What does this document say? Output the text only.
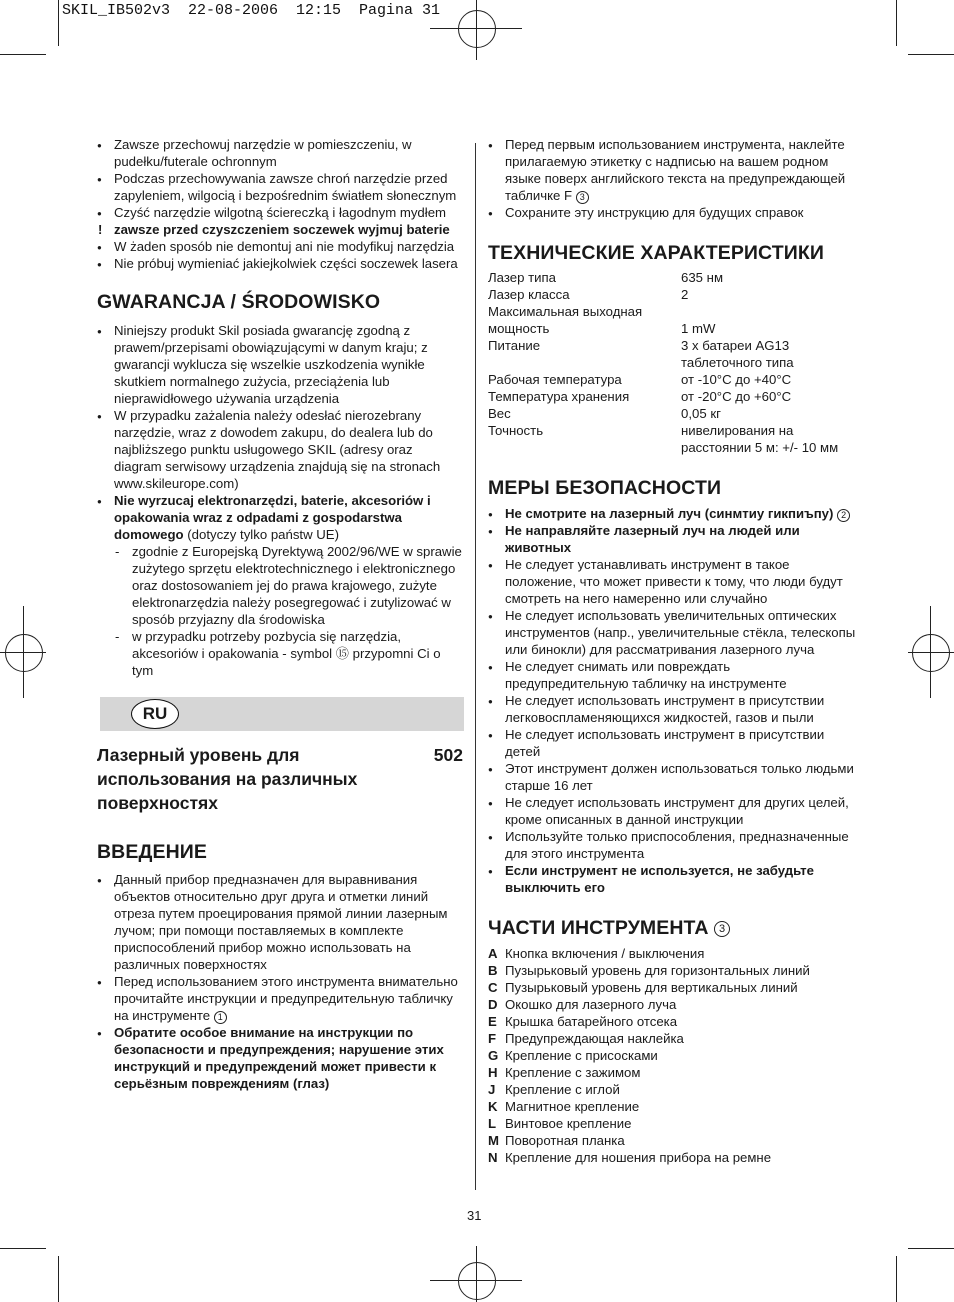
SKIL_IB502v3  22-08-2006  12:15  Pagina 31
● Zawsze przechowuj narzędzie w pomieszczeniu, w pudełku/futerale ochronnym
● Podczas przechowywania zawsze chroń narzędzie przed zapyleniem, wilgocią i bezpośrednim światłem słonecznym
● Czyść narzędzie wilgotną ściereczką i łagodnym mydłem
! zawsze przed czyszczeniem soczewek wyjmuj baterie
● W żaden sposób nie demontuj ani nie modyfikuj narzędzia
● Nie próbuj wymieniać jakiejkolwiek części soczewek lasera
GWARANCJA / ŚRODOWISKO
● Niniejszy produkt Skil posiada gwarancję zgodną z prawem/przepisami obowiązującymi w danym kraju; z gwarancji wyklucza się wszelkie uszkodzenia wynikłe skutkiem normalnego zużycia, przeciążenia lub nieprawidłowego używania urządzenia
● W przypadku zażalenia należy odesłać nierozebrany narzędzie, wraz z dowodem zakupu, do dealera lub do najbliższego punktu usługowego SKIL (adresy oraz diagram serwisowy urządzenia znajdują się na stronach www.skileurope.com)
● Nie wyrzucaj elektronarzędzi, baterie, akcesoriów i opakowania wraz z odpadami z gospodarstwa domowego (dotyczy tylko państw UE)
- zgodnie z Europejską Dyrektywą 2002/96/WE w sprawie zużytego sprzętu elektrotechnicznego i elektronicznego oraz dostosowaniem jej do prawa krajowego, zużyte elektronarzędzia należy posegregować i zutylizować w sposób przyjazny dla środowiska
- w przypadku potrzeby pozbycia się narzędzia, akcesoriów i opakowania - symbol ⑮ przypomni Ci o tym
RU
Лазерный уровень для использования на различных поверхностях
502
ВВЕДЕНИЕ
● Данный прибор предназначен для выравнивания объектов относительно друг друга и отметки линий отреза путем проецирования прямой линии лазерным лучом; при помощи поставляемых в комплекте приспособлений прибор можно использовать на различных поверхностях
● Перед использованием этого инструмента внимательно прочитайте инструкции и предупредительную табличку на инструменте 1
● Обратите особое внимание на инструкции по безопасности и предупреждения; нарушение этих инструкций и предупреждений может привести к серьёзным повреждениям (глаз)
● Перед первым использованием инструмента, наклейте прилагаемую этикетку с надписью на вашем родном языке поверх английского текста на предупреждающей табличке F 3
● Сохраните эту инструкцию для будущих справок
ТЕХНИЧЕСКИЕ ХАРАКТЕРИСТИКИ
Лазер типа	635 нм
Лазер класса	2
Максимальная выходная мощность	1 mW
Питание	3 x батареи AG13 таблеточного типа
Рабочая температура	от -10°C до +40°C
Температура хранения	от -20°C до +60°C
Вес	0,05 кг
Точность	нивелирования на расстоянии 5 м: +/- 10 мм
МЕРЫ БЕЗОПАСНОСТИ
● Не смотрите на лазерный луч (синмтиу гикпиъпу) 2
● Не направляйте лазерный луч на людей или животных
● Не следует устанавливать инструмент в такое положение, что может привести к тому, что люди будут смотреть на него намеренно или случайно
● Не следует использовать увеличительных оптических инструментов (напр., увеличительные стёкла, телескопы или бинокли) для рассматривания лазерного луча
● Не следует снимать или повреждать предупредительную табличку на инструменте
● Не следует использовать инструмент в присутствии легковоспламеняющихся жидкостей, газов и пыли
● Не следует использовать инструмент в присутствии детей
● Этот инструмент должен использоваться только людьми старше 16 лет
● Не следует использовать инструмент для других целей, кроме описанных в данной инструкции
● Используйте только приспособления, предназначенные для этого инструмента
● Если инструмент не используется, не забудьте выключить его
ЧАСТИ ИНСТРУМЕНТА 3
A Кнопка включения / выключения
B Пузырьковый уровень для горизонтальных линий
C Пузырьковый уровень для вертикальных линий
D Окошко для лазерного луча
E Крышка батарейного отсека
F Предупреждающая наклейка
G Крепление с присосками
H Крепление с зажимом
J Крепление с иглой
K Магнитное крепление
L Винтовое крепление
M Поворотная планка
N Крепление для ношения прибора на ремне
31
